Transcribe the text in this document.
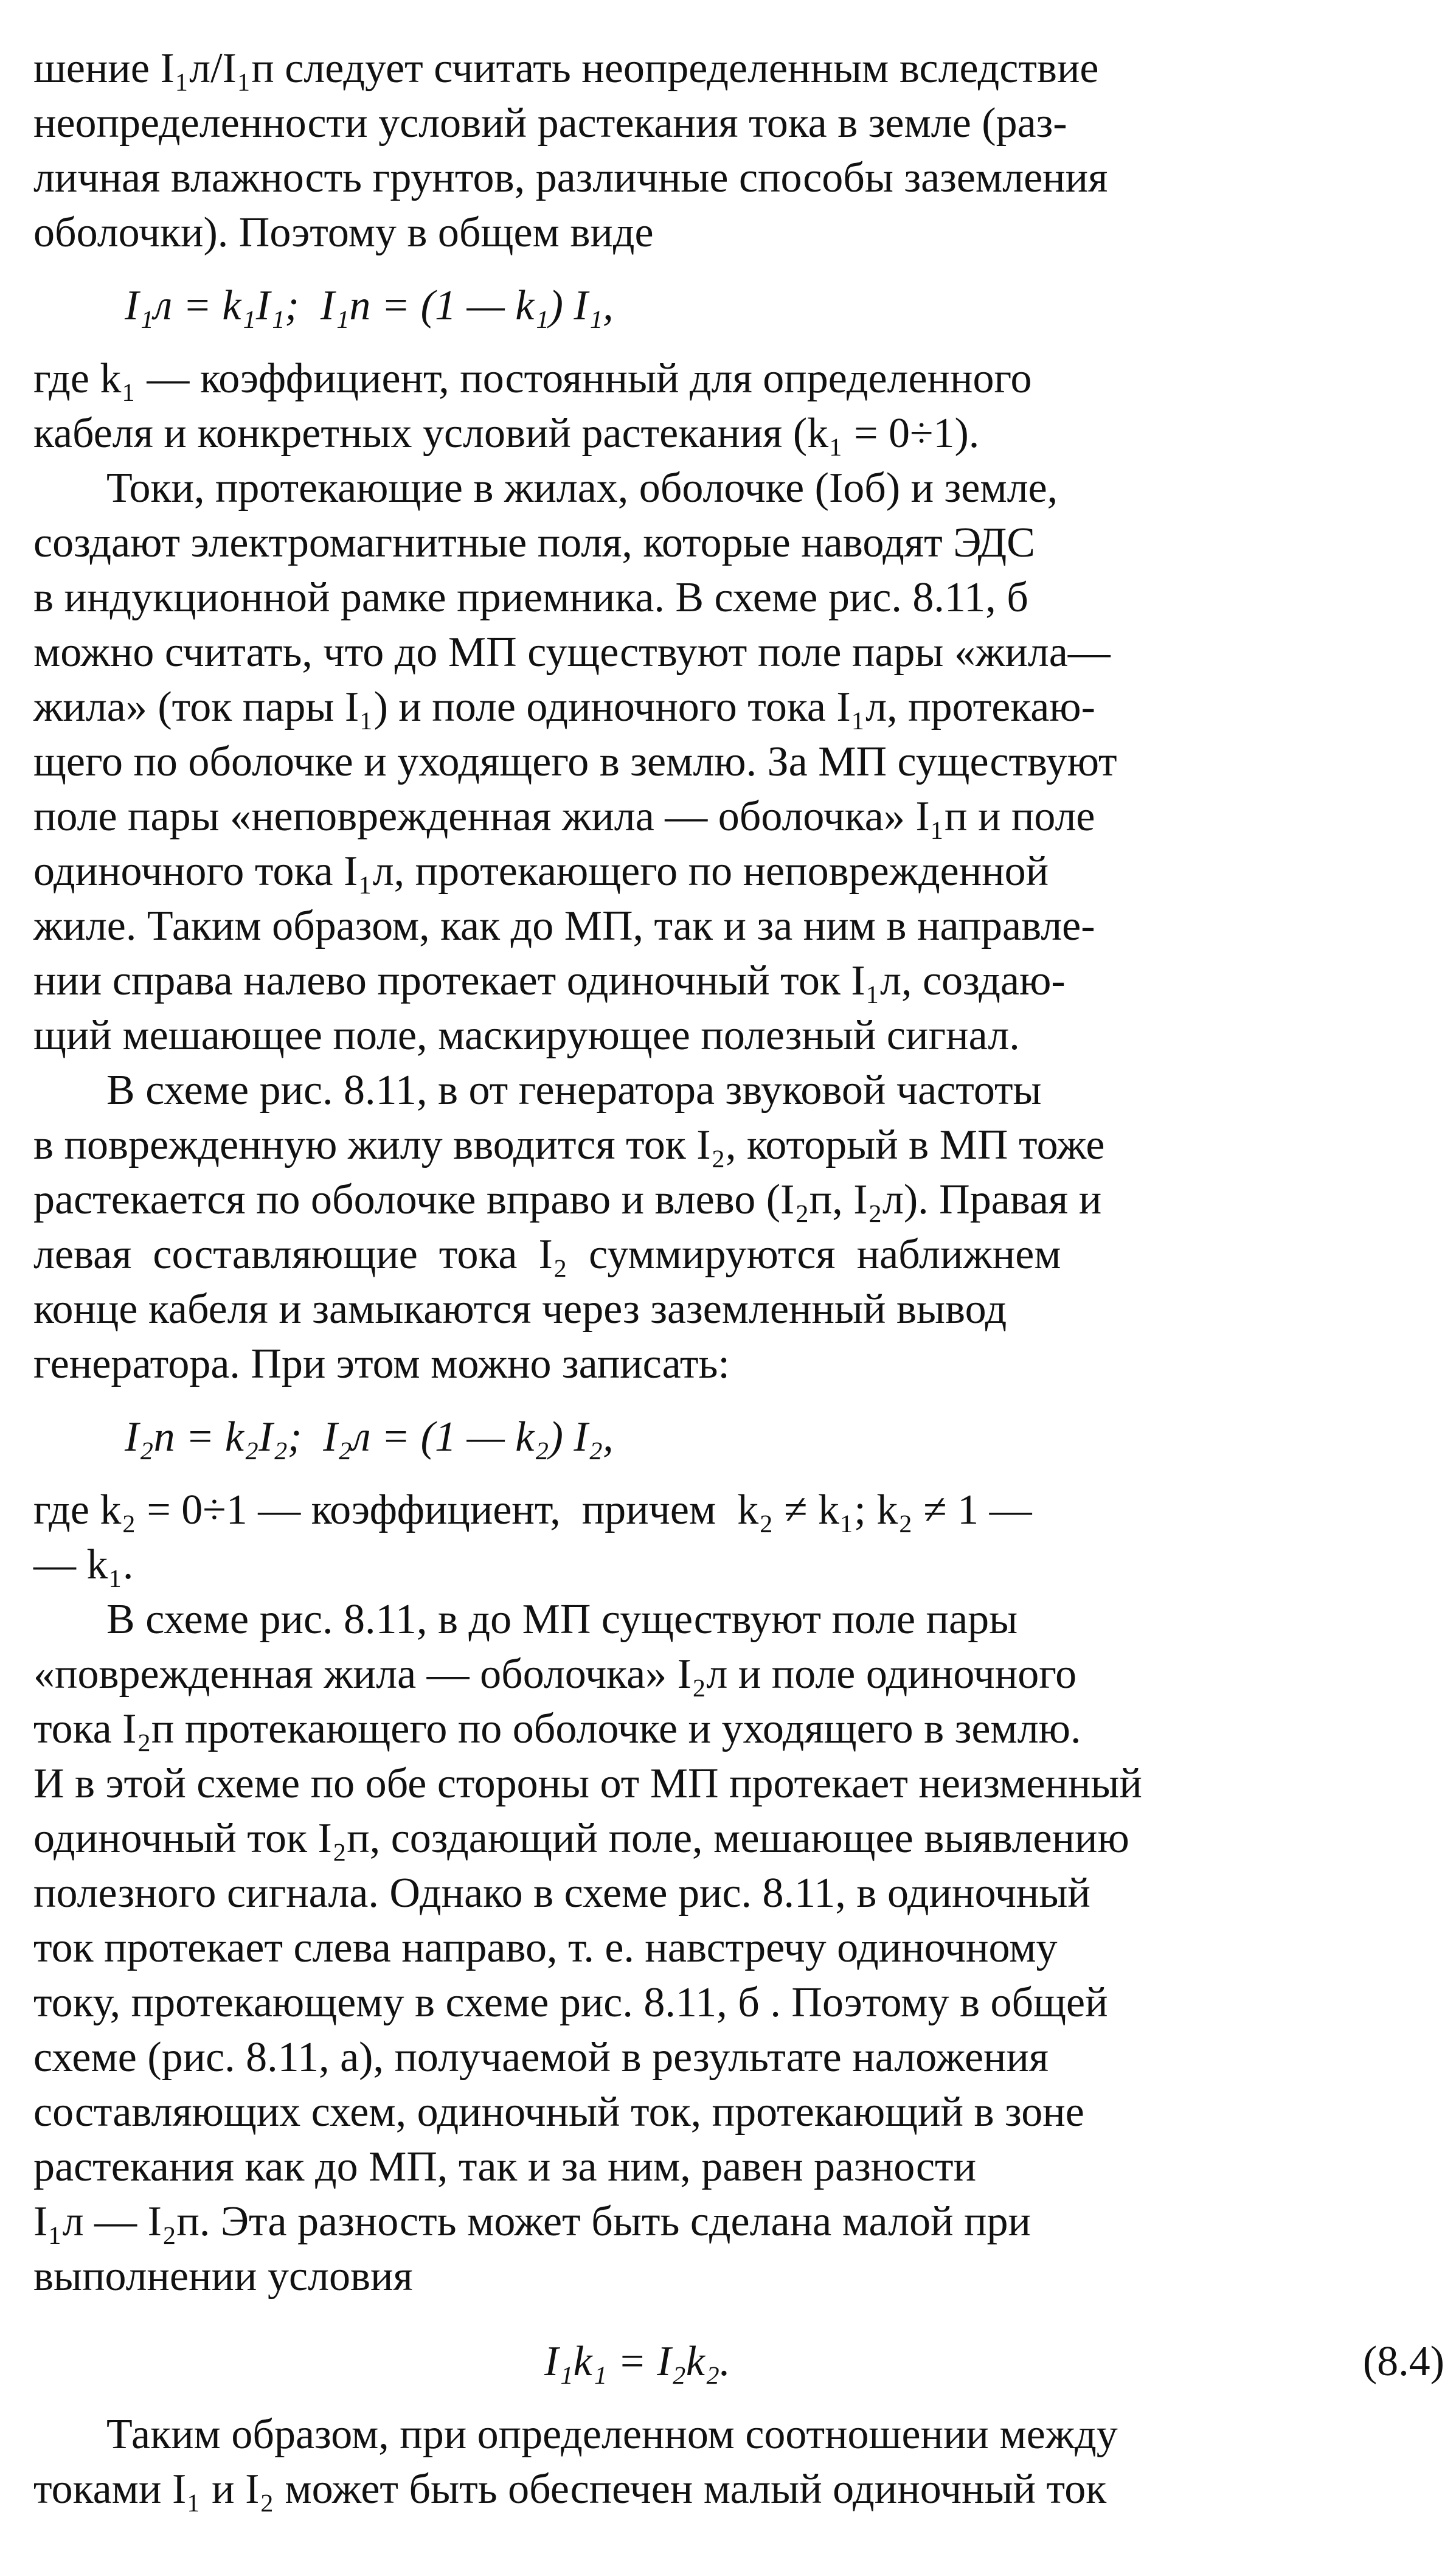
шение I₁л/I₁п следует считать неопределенным вследствие
неопределенности условий растекания тока в земле (раз-
личная влажность грунтов, различные способы заземления
оболочки). Поэтому в общем виде
I₁л = k₁I₁;  I₁п = (1 — k₁) I₁,
где k₁ — коэффициент, постоянный для определенного
кабеля и конкретных условий растекания (k₁ = 0÷1).
Токи, протекающие в жилах, оболочке (Iоб) и земле,
создают электромагнитные поля, которые наводят ЭДС
в индукционной рамке приемника. В схеме рис. 8.11, б
можно считать, что до МП существуют поле пары «жила—
жила» (ток пары I₁) и поле одиночного тока I₁л, протекаю-
щего по оболочке и уходящего в землю. За МП существуют
поле пары «неповрежденная жила — оболочка» I₁п и поле
одиночного тока I₁л, протекающего по неповрежденной
жиле. Таким образом, как до МП, так и за ним в направле-
нии справа налево протекает одиночный ток I₁л, создаю-
щий мешающее поле, маскирующее полезный сигнал.
В схеме рис. 8.11, в от генератора звуковой частоты
в поврежденную жилу вводится ток I₂, который в МП тоже
растекается по оболочке вправо и влево (I₂п, I₂л). Правая и
левая  составляющие  тока  I₂  суммируются  наближнем
конце кабеля и замыкаются через заземленный вывод
генератора. При этом можно записать:
I₂п = k₂I₂;  I₂л = (1 — k₂) I₂,
где k₂ = 0÷1 — коэффициент,  причем  k₂ ≠ k₁; k₂ ≠ 1 —
— k₁.
В схеме рис. 8.11, в до МП существуют поле пары
«поврежденная жила — оболочка» I₂л и поле одиночного
тока I₂п протекающего по оболочке и уходящего в землю.
И в этой схеме по обе стороны от МП протекает неизменный
одиночный ток I₂п, создающий поле, мешающее выявлению
полезного сигнала. Однако в схеме рис. 8.11, в одиночный
ток протекает слева направо, т. е. навстречу одиночному
току, протекающему в схеме рис. 8.11, б . Поэтому в общей
схеме (рис. 8.11, а), получаемой в результате наложения
составляющих схем, одиночный ток, протекающий в зоне
растекания как до МП, так и за ним, равен разности
I₁л — I₂п. Эта разность может быть сделана малой при
выполнении условия
I₁k₁ = I₂k₂.	(8.4)
Таким образом, при определенном соотношении между
токами I₁ и I₂ может быть обеспечен малый одиночный ток
